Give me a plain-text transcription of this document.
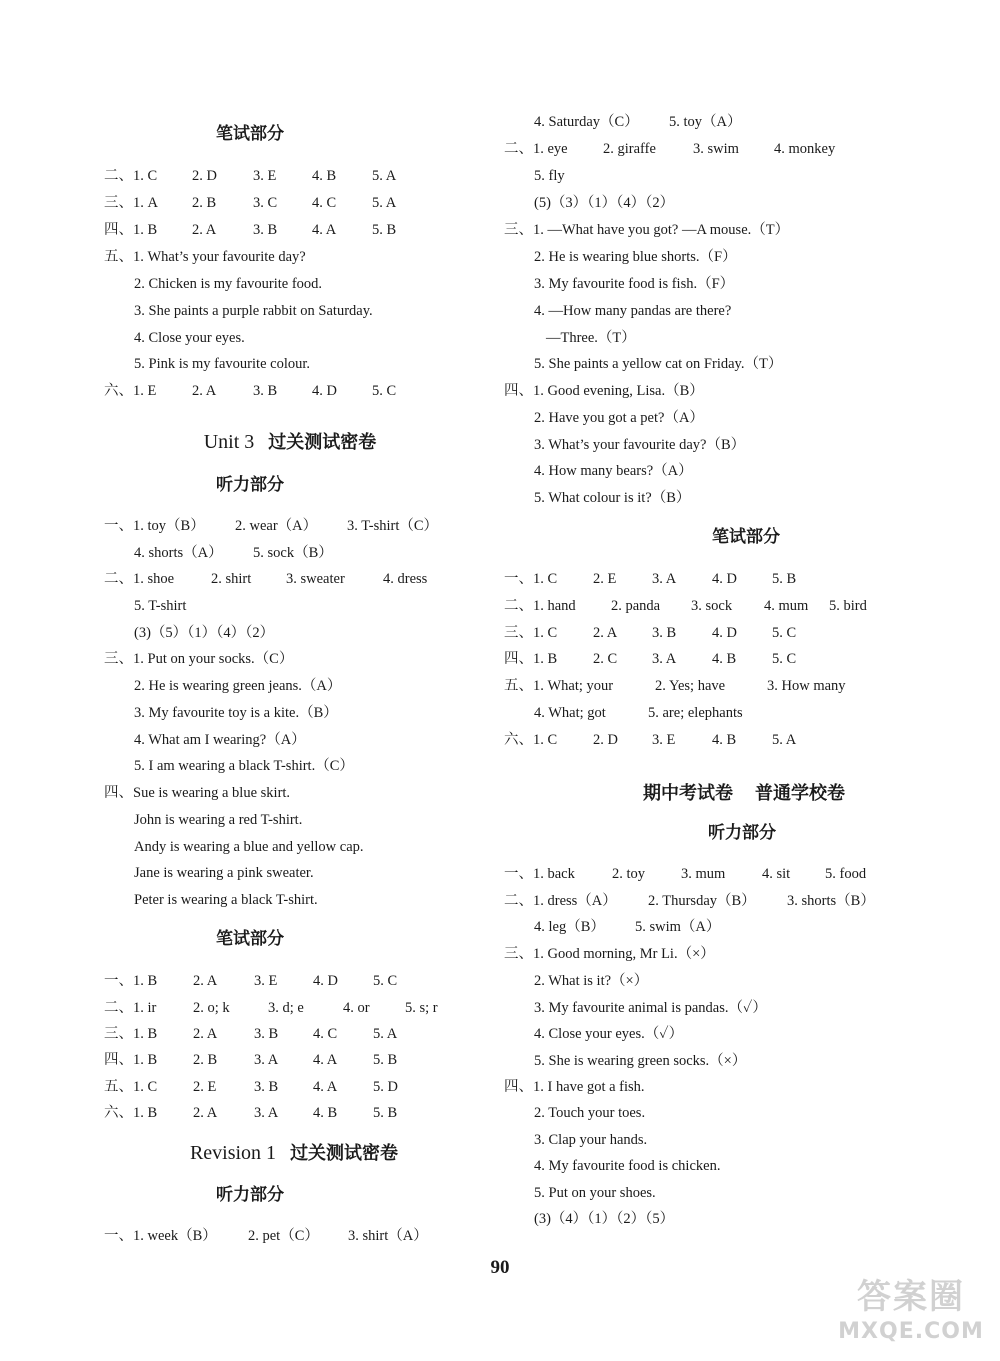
笔试部分
二、1. C 2. D 3. E 4. B 5. A
三、1. A 2. B	3. C 4. C 5. A
四、1. B 2. A	3. B 4. A 5. B
五、1. What’s your favourite day?
2. Chicken is my favourite food.
3. She paints a purple rabbit on Saturday.
4. Close your eyes.
5. Pink is my favourite colour.
六、1. E 2. A	3. B 4. D 5. C
Unit 3 过关测试密卷
听力部分
一、1. toy（B） 2. wear（A） 3. T-shirt（C）
4. shorts（A） 5. sock（B）
二、1. shoe	2. shirt 3. sweater	4. dress
5. T-shirt
(3)（5）（1）（4）（2）
三、1. Put on your socks.（C）
2. He is wearing green jeans.（A）
3. My favourite toy is a kite.（B）
4. What am I wearing?（A）
5. I am wearing a black T-shirt.（C）
四、Sue is wearing a blue skirt.
John is wearing a red T-shirt.
Andy is wearing a blue and yellow cap.
Jane is wearing a pink sweater.
Peter is wearing a black T-shirt.
笔试部分
一、1. B 2. A	3. E 4. D 5. C
二、1. ir	2. o; k	3. d; e	4. or 5. s; r
三、1. B 2. A	3. B 4. C 5. A
四、1. B 2. B	3. A 4. A 5. B
五、1. C 2. E	3. B 4. A 5. D
六、1. B 2. A	3. A 4. B 5. B
Revision 1 过关测试密卷
听力部分
一、1. week（B） 2. pet（C） 3. shirt（A）
4. Saturday（C） 5. toy（A）
二、1. eye 2. giraffe	3. swim 4. monkey
5. fly
(5)（3）（1）（4）（2）
三、1. —What have you got? —A mouse.（T）
2. He is wearing blue shorts.（F）
3. My favourite food is fish.（F）
4. —How many pandas are there?
—Three.（T）
5. She paints a yellow cat on Friday.（T）
四、1. Good evening, Lisa.（B）
2. Have you got a pet?（A）
3. What’s your favourite day?（B）
4. How many bears?（A）
5. What colour is it?（B）
笔试部分
一、1. C 2. E 3. A 4. D 5. B
二、1. hand 2. panda 3. sock 4. mum 5. bird
三、1. C 2. A 3. B 4. D 5. C
四、1. B 2. C 3. A 4. B 5. C
五、1. What; your	2. Yes; have	3. How many
4. What; got	5. are; elephants
六、1. C 2. D 3. E	4. B 5. A
期中考试卷 普通学校卷
听力部分
一、1. back	2. toy 3. mum	4. sit 5. food
二、1. dress（A） 2. Thursday（B） 3. shorts（B）
4. leg（B） 5. swim（A）
三、1. Good morning, Mr Li.（×）
2. What is it?（×）
3. My favourite animal is pandas.（✓）
4. Close your eyes.（✓）
5. She is wearing green socks.（×）
四、1. I have got a fish.
2. Touch your toes.
3. Clap your hands.
4. My favourite food is chicken.
5. Put on your shoes.
(3)（4）（1）（2）（5）
90
答案圈
MXQE.COM
